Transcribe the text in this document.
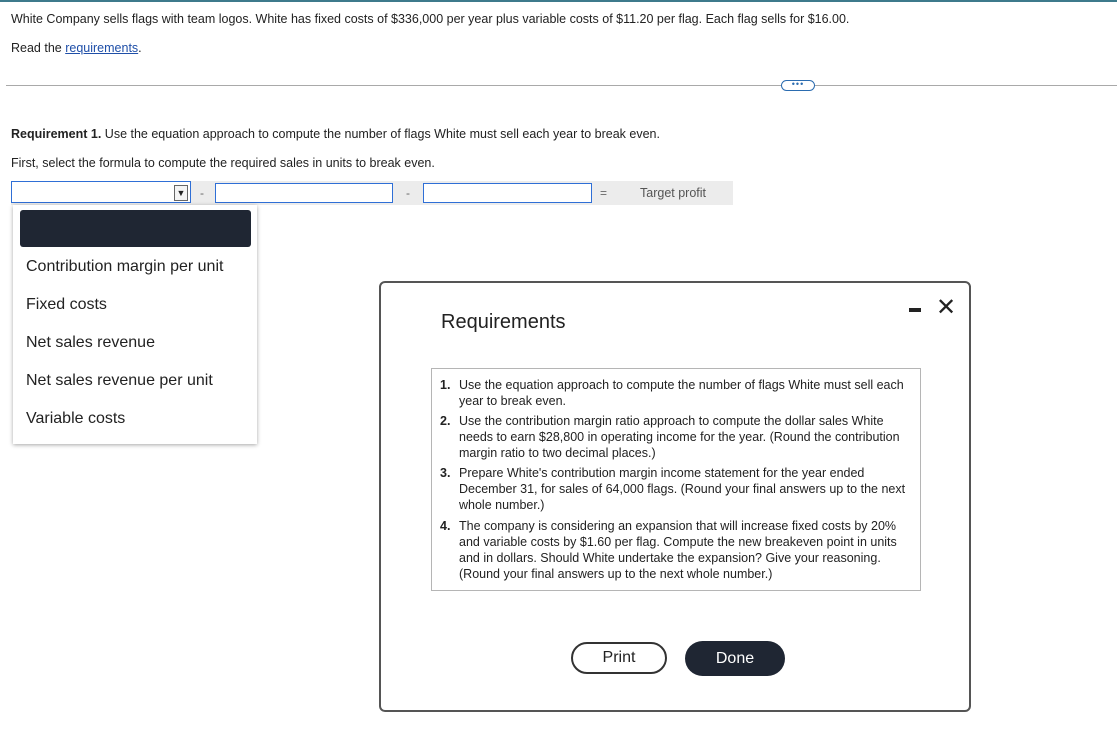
White Company sells flags with team logos. White has fixed costs of $336,000 per year plus variable costs of $11.20 per flag. Each flag sells for $16.00.
Read the requirements.
•••
Requirement 1. Use the equation approach to compute the number of flags White must sell each year to break even.
First, select the formula to compute the required sales in units to break even.
▼ -	-	=	Target profit
Contribution margin per unit
Fixed costs
Net sales revenue
Net sales revenue per unit
Variable costs
Requirements
✕
1. Use the equation approach to compute the number of flags White must sell each year to break even.
2. Use the contribution margin ratio approach to compute the dollar sales White needs to earn $28,800 in operating income for the year. (Round the contribution margin ratio to two decimal places.)
3. Prepare White's contribution margin income statement for the year ended December 31, for sales of 64,000 flags. (Round your final answers up to the next whole number.)
4. The company is considering an expansion that will increase fixed costs by 20% and variable costs by $1.60 per flag. Compute the new breakeven point in units and in dollars. Should White undertake the expansion? Give your reasoning. (Round your final answers up to the next whole number.)
Print	Done
